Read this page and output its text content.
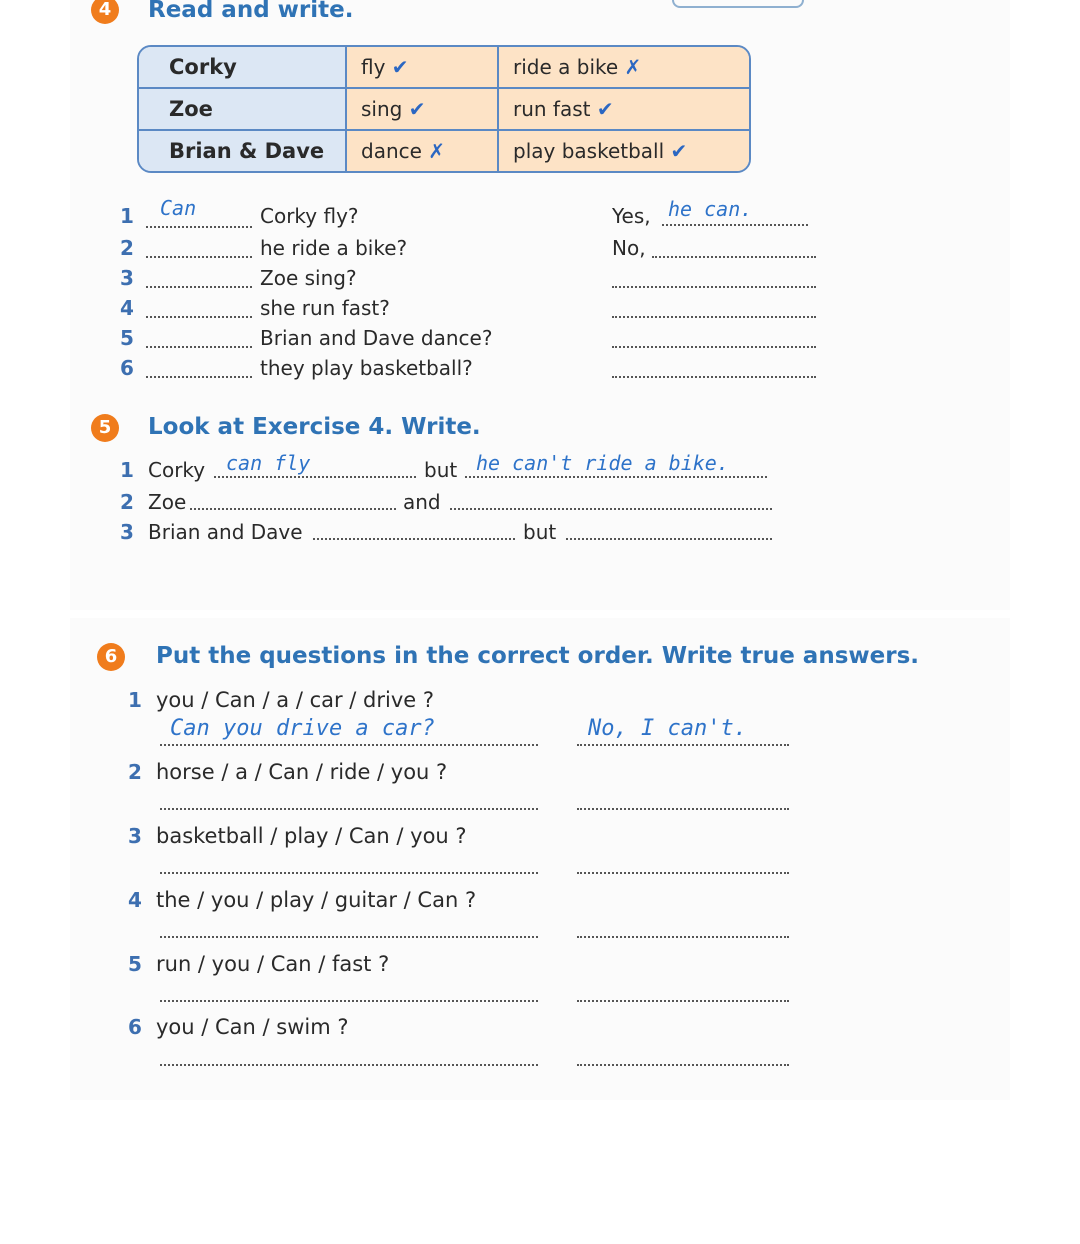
4	Read and write.
Corky	fly ✔	ride a bike ✗
Zoe	sing ✔	run fast ✔
Brian & Dave	dance ✗	play basketball ✔
1 Can	Corky fly?	Yes, he can.
2	he ride a bike?	No,
3	Zoe sing?
4	she run fast?
5	Brian and Dave dance?
6	they play basketball?
5	Look at Exercise 4. Write.
1 Corky can fly	but he can't ride a bike.
2 Zoe	and
3 Brian and Dave	but
6	Put the questions in the correct order. Write true answers.
1 you / Can / a / car / drive ?
Can you drive a car?	No, I can't.
2 horse / a / Can / ride / you ?
3 basketball / play / Can / you ?
4 the / you / play / guitar / Can ?
5 run / you / Can / fast ?
6 you / Can / swim ?
